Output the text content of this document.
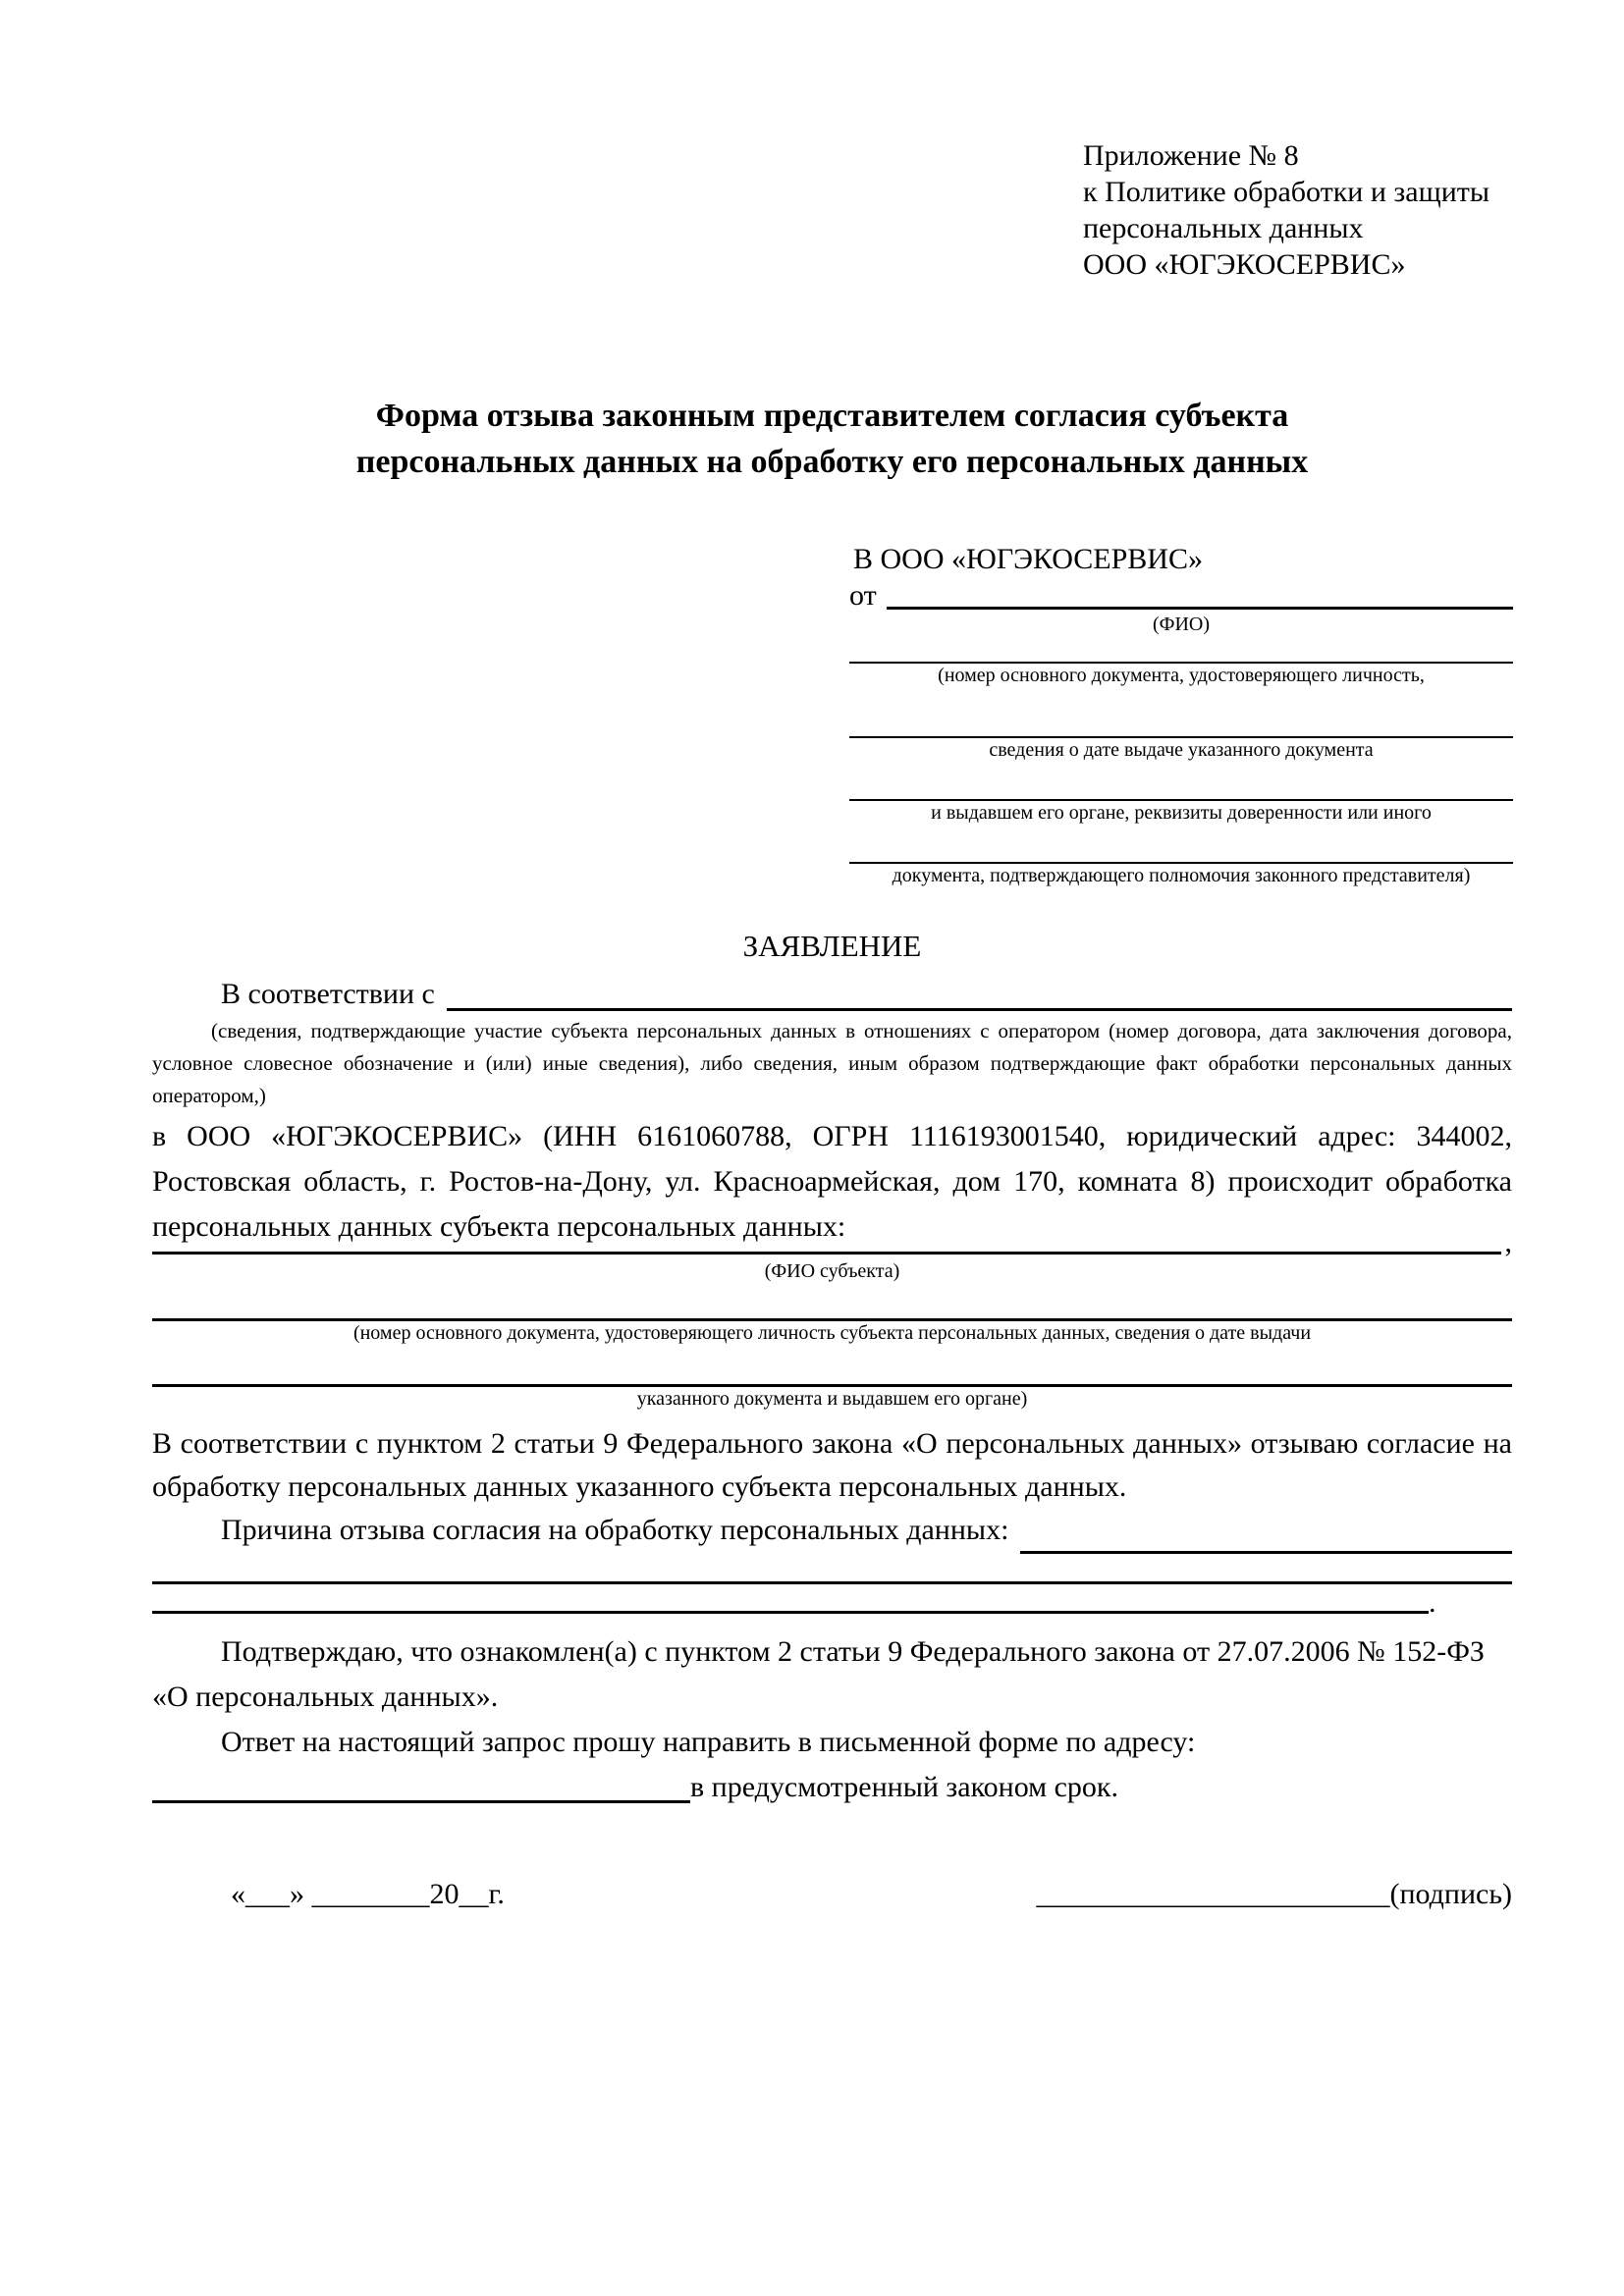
Приложение № 8
к Политике обработки и защиты
персональных данных
ООО «ЮГЭКОСЕРВИС»
Форма отзыва законным представителем согласия субъекта
персональных данных на обработку его персональных данных
В ООО «ЮГЭКОСЕРВИС»
от
(ФИО)
(номер основного документа, удостоверяющего личность,
сведения о дате выдаче указанного документа
и выдавшем его органе, реквизиты доверенности или иного
документа, подтверждающего полномочия законного представителя)
ЗАЯВЛЕНИЕ
В соответствии с
(сведения, подтверждающие участие субъекта персональных данных в отношениях с оператором (номер договора, дата заключения договора, условное словесное обозначение и (или) иные сведения), либо сведения, иным образом подтверждающие факт обработки персональных данных оператором,)
в ООО «ЮГЭКОСЕРВИС» (ИНН 6161060788, ОГРН 1116193001540, юридический адрес: 344002, Ростовская область, г. Ростов-на-Дону, ул. Красноармейская, дом 170, комната 8) происходит обработка персональных данных субъекта персональных данных:	,
(ФИО субъекта)
(номер основного документа, удостоверяющего личность субъекта персональных данных, сведения о дате выдачи
указанного документа и выдавшем его органе)
В соответствии с пунктом 2 статьи 9 Федерального закона «О персональных данных» отзываю согласие на обработку персональных данных указанного субъекта персональных данных.
Причина отзыва согласия на обработку персональных данных:
.
Подтверждаю, что ознакомлен(а) с пунктом 2 статьи 9 Федерального закона от 27.07.2006 № 152-ФЗ «О персональных данных».
Ответ на настоящий запрос прошу направить в письменной форме по адресу:
в предусмотренный законом срок.
«___» ________20__г.	________________________(подпись)
